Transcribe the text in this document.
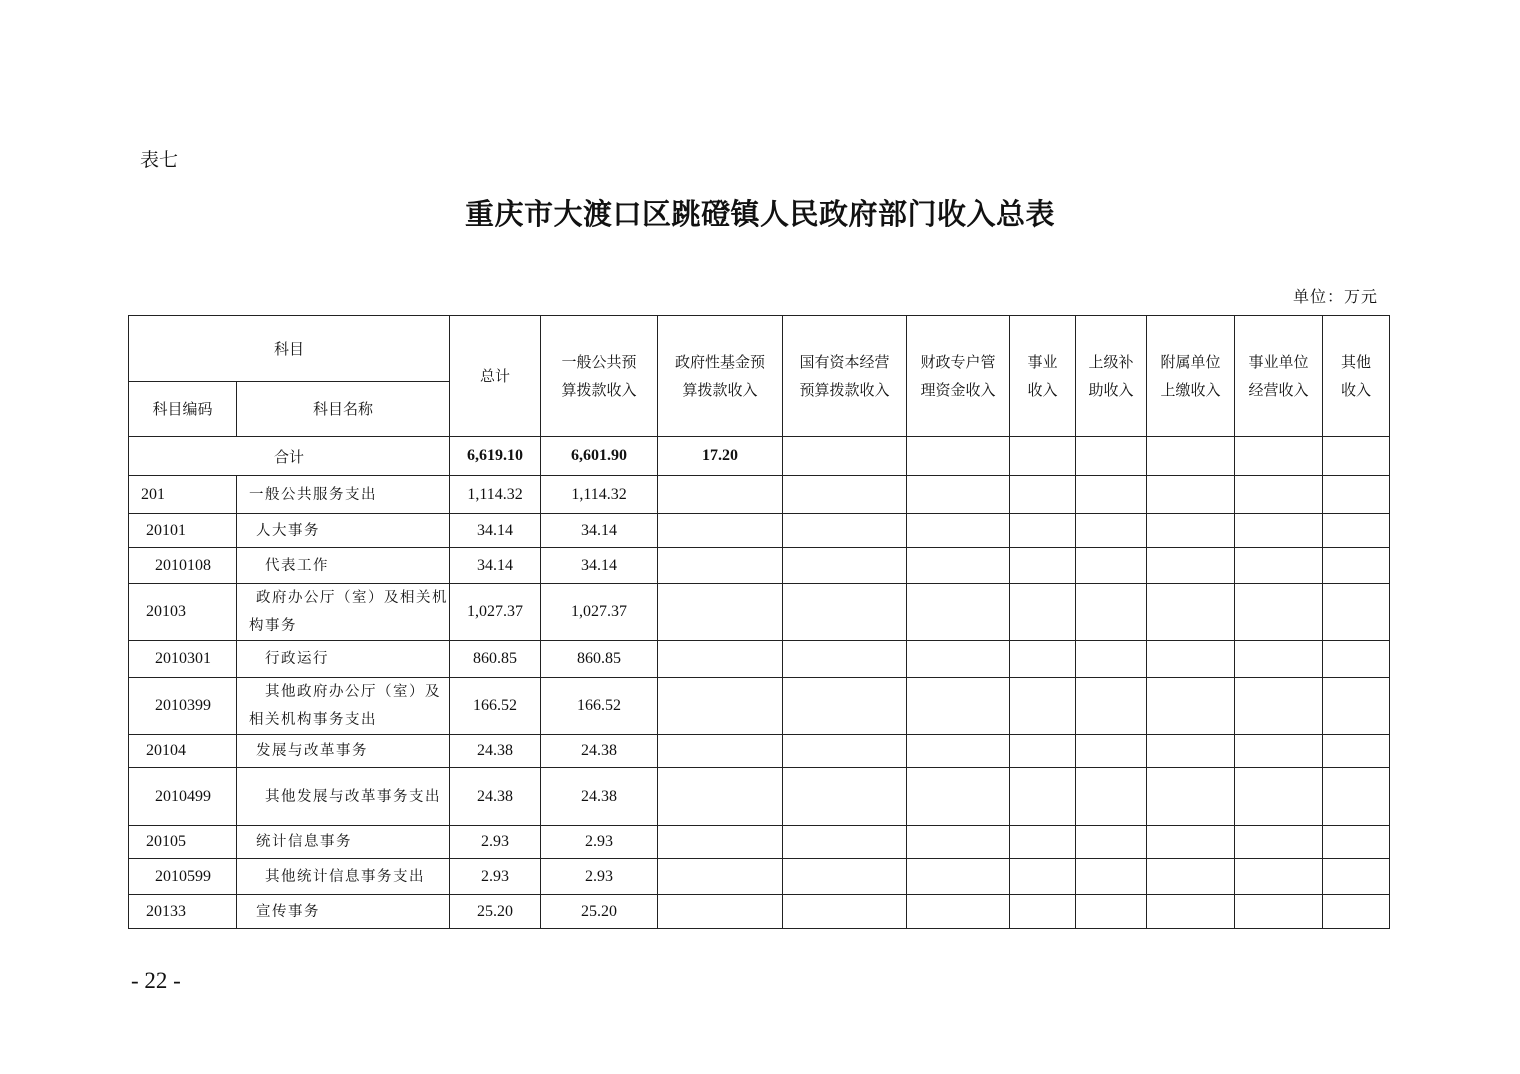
表七
重庆市大渡口区跳磴镇人民政府部门收入总表
单位：万元
科目		总计	一般公共预算拨款收入	政府性基金预算拨款收入	国有资本经营预算拨款收入	财政专户管理资金收入	事业收入	上级补助收入	附属单位上缴收入	事业单位经营收入	其他收入
科目编码	科目名称										
合计		6,619.10	6,601.90	17.20							
201	一般公共服务支出	1,114.32	1,114.32								
20101	人大事务	34.14	34.14								
2010108	代表工作	34.14	34.14								
20103	政府办公厅（室）及相关机构事务	1,027.37	1,027.37								
2010301	行政运行	860.85	860.85								
2010399	其他政府办公厅（室）及相关机构事务支出	166.52	166.52								
20104	发展与改革事务	24.38	24.38								
2010499	其他发展与改革事务支出	24.38	24.38								
20105	统计信息事务	2.93	2.93								
2010599	其他统计信息事务支出	2.93	2.93								
20133	宣传事务	25.20	25.20								
- 22 -
